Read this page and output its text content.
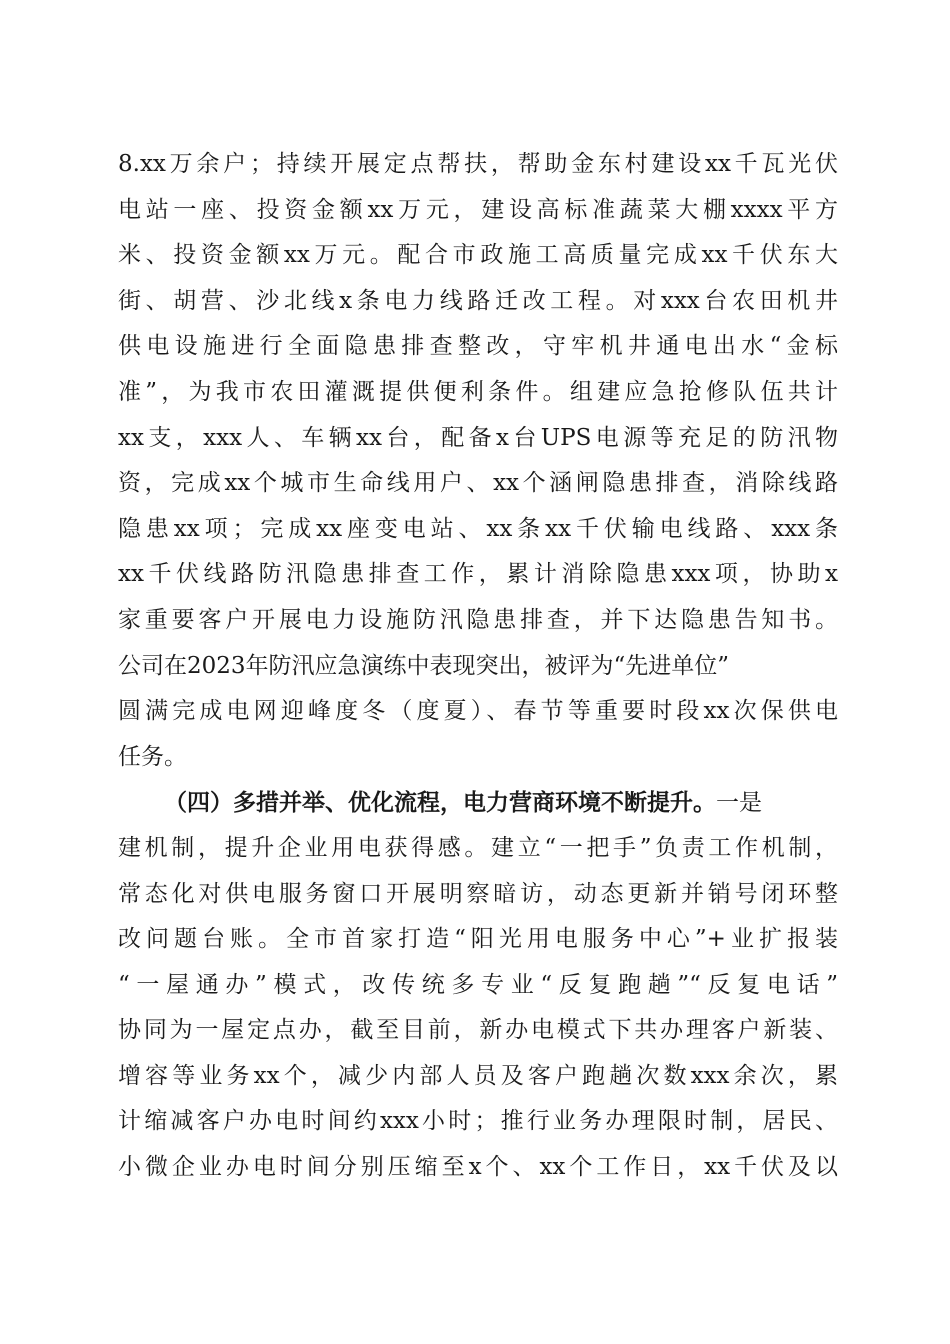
8.xx万余户；持续开展定点帮扶，帮助金东村建设xx千瓦光伏
电站一座、投资金额xx万元，建设高标准蔬菜大棚xxxx平方
米、投资金额xx万元。配合市政施工高质量完成xx千伏东大
街、胡营、沙北线x条电力线路迁改工程。对xxx台农田机井
供电设施进行全面隐患排查整改，守牢机井通电出水“金标
准”，为我市农田灌溉提供便利条件。组建应急抢修队伍共计
xx支，xxx人、车辆xx台，配备x台UPS电源等充足的防汛物
资，完成xx个城市生命线用户、xx个涵闸隐患排查，消除线路
隐患xx项；完成xx座变电站、xx条xx千伏输电线路、xxx条
xx千伏线路防汛隐患排查工作，累计消除隐患xxx项，协助x
家重要客户开展电力设施防汛隐患排查，并下达隐患告知书。
公司在2023年防汛应急演练中表现突出，被评为“先进单位”
圆满完成电网迎峰度冬（度夏）、春节等重要时段xx次保供电
任务。
（四）多措并举、优化流程，电力营商环境不断提升。一是
建机制，提升企业用电获得感。建立“一把手”负责工作机制，
常态化对供电服务窗口开展明察暗访，动态更新并销号闭环整
改问题台账。全市首家打造“阳光用电服务中心”+业扩报装
“一屋通办”模式，改传统多专业“反复跑趟”“反复电话”
协同为一屋定点办，截至目前，新办电模式下共办理客户新装、
增容等业务xx个，减少内部人员及客户跑趟次数xxx余次，累
计缩减客户办电时间约xxx小时；推行业务办理限时制，居民、
小微企业办电时间分别压缩至x个、xx个工作日，xx千伏及以
